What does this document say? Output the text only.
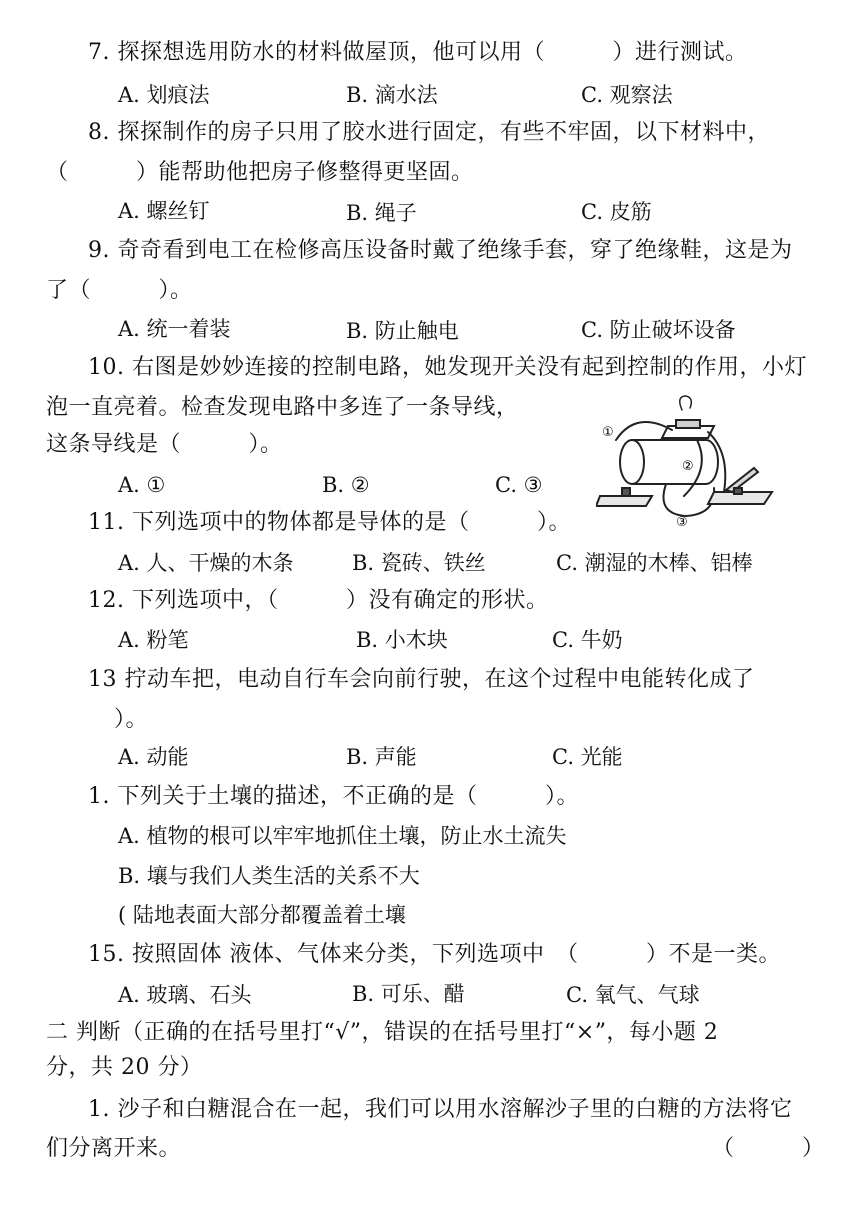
7. 探探想选用防水的材料做屋顶，他可以用（　　　）进行测试。
A. 划痕法	B. 滴水法	C. 观察法
8. 探探制作的房子只用了胶水进行固定，有些不牢固，以下材料中，
（　　　）能帮助他把房子修整得更坚固。
A. 螺丝钉	B. 绳子	C. 皮筋
9. 奇奇看到电工在检修高压设备时戴了绝缘手套，穿了绝缘鞋，这是为
了（　　　）。
A. 统一着装	B. 防止触电	C. 防止破坏设备
10. 右图是妙妙连接的控制电路，她发现开关没有起到控制的作用，小灯
泡一直亮着。检查发现电路中多连了一条导线，
这条导线是（　　　）。
A. ①	B. ②	C. ③
①
②
③
11. 下列选项中的物体都是导体的是（　　　）。
A. 人、干燥的木条	B. 瓷砖、铁丝	C. 潮湿的木棒、铝棒
12. 下列选项中，（　　　）没有确定的形状。
A. 粉笔	B. 小木块	C. 牛奶
13 拧动车把，电动自行车会向前行驶，在这个过程中电能转化成了
）。
A. 动能	B. 声能	C. 光能
1. 下列关于土壤的描述，不正确的是（　　　）。
A. 植物的根可以牢牢地抓住土壤，防止水土流失
B. 壤与我们人类生活的关系不大
( 陆地表面大部分都覆盖着土壤
15. 按照固体 液体、气体来分类，下列选项中　（　　　）不是一类。
A. 玻璃、石头	B. 可乐、醋	C. 氧气、气球
二 判断（正确的在括号里打“√”，错误的在括号里打“×”，每小题 2
分，共 20 分）
1. 沙子和白糖混合在一起，我们可以用水溶解沙子里的白糖的方法将它
们分离开来。	（　　　）
